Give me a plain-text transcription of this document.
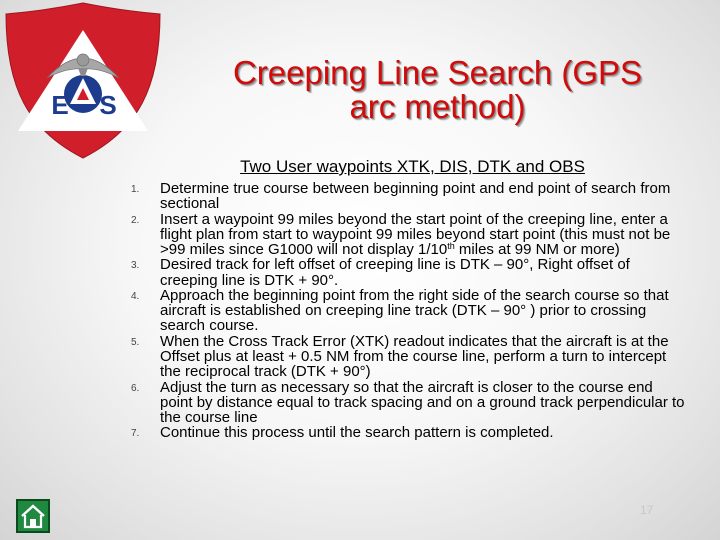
E S
Creeping Line Search (GPS
arc method)

Two User waypoints XTK, DIS, DTK and OBS

1. Determine true course between beginning point and end point of search from sectional
2. Insert a waypoint 99 miles beyond the start point of the creeping line, enter a flight plan from start to waypoint 99 miles beyond start point (this must not be >99 miles since G1000 will not display 1/10th miles at 99 NM or more)
3. Desired track for left offset of creeping line is DTK – 90°, Right offset of creeping line is DTK + 90°.
4. Approach the beginning point from the right side of the search course so that aircraft is established on creeping line track (DTK – 90° ) prior to crossing search course.
5. When the Cross Track Error (XTK) readout indicates that the aircraft is at the Offset plus at least + 0.5 NM from the course line, perform a turn to intercept the reciprocal track (DTK + 90°)
6. Adjust the turn as necessary so that the aircraft is closer to the course end point by distance equal to track spacing and on a ground track perpendicular to the course line
7. Continue this process until the search pattern is completed.
17
